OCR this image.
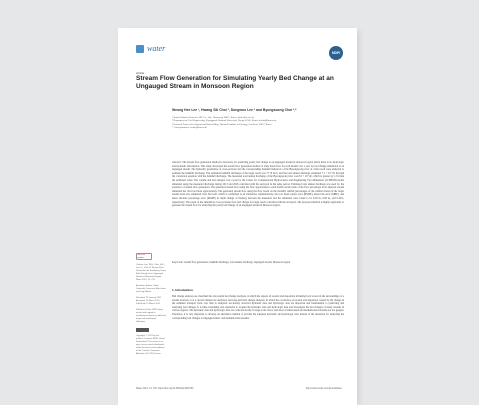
water	MDPI
Article
Stream Flow Generation for Simulating Yearly Bed Change at an Ungauged Stream in Monsoon Region
Weong Hee Lee ¹, Hwang Sik Choi ², Dongwoo Lee ³ and Byungsoong Choi ²,*
¹ Smart Pollution Team for AEF Co., Ltd., Hwaseong 18471, Korea; whlee@aef.co.kr
² Department of Civil Engineering, Kyungpook National University, Daegu 41566, Korea; hschoi@knu.ac.kr
³ Research Team on Ecological and Natural Map, National Institute of Ecology, Seocheon 33657, Korea
* Correspondence: bchoi@knu.ac.kr
Abstract: The stream flow generation method is necessary for predicting yearly bed change at an ungauged stream in monsoon region where there is no hydrologic and hydraulic information. This study developed the stream flow generation method of daily mean flow for each month over a year for bed change simulation at an ungauged stream. The hydraulic geometries of cross-sections and the corresponding bankfull indicators of the Byeongseong river of 4 km reach were analyzed to estimate the bankfull discharge. The estimated bankfull discharge of the target reach was 77.70 m³/s, and the total annual discharge estimated 7.1 × 10⁷ m³ through the correlation equation with the bankfull discharge. The measured total annual discharge of the Byeongseong river was 8.0 × 10⁷ m³, which is greater by 11% than the estimated value. The volume and bed changes over a year by the Center for Computational Hydroscience and Engineering Two-Dimension (CCHE2D) model simulated using the measured discharge during 2013 and 2016 coincided with the surveyed in the same period. Estimated total annual discharge was used for the scenarios of stream flow generation. The generated stream flow using the flow apportioned to each month on the basis of the flow percentage in an adjacent stream simulated the river bed most appropriately. The generated stream flow using the flow based on the monthly rainfall percentages of the rainfall station in the target stream basin also simulated river bed well, which is confirmed as an alternative. Quantitatively, the root mean square error (RMSE), mean bias error (MBE), and mean absolute percentage error (MAPE) in depth change of thalweg between the measured and the simulated were found to be 0.28 m, 0.08 m, and 0.44%, respectively. The result of the simulation cross-sectional river bed change for target reach coincided with the surveyed. The proposed method is highly applicable to generate the stream flow for analyzing the yearly bed change of an ungauged stream in Monsoon region.
Keywords: stream flow generation; bankfull discharge; total annual discharge; ungauged stream; Monsoon region
check for updates

Citation: Lee, W.H.; Choi, H.S.; Lee, D.; Choi, B. Stream Flow Generation for Simulating Yearly Bed Change at an Ungauged Stream in Monsoon Region. Water 2021, 13, 792.

Academic Editors: Sohei Yamazaki, Francisco Macchione and Luigi Natale

Received: 22 January 2021 Accepted: 10 March 2021 Published: 15 March 2021

Publisher's Note: MDPI stays neutral with regard to jurisdictional claims in published maps and institutional affiliations.

Copyright: © 2021 by the authors. Licensee MDPI, Basel, Switzerland. This article is an open access article distributed under the terms and conditions of the Creative Commons Attribution (CC BY) license.

1. Introduction
Bed change analyses are classified into short-term bed change analyses, in which the aspects of erosion and deposition including local scours in the surroundings of a stream structure or at a curved channel are analyzed, and long-term bed change analyses, in which the occurrence of erosion and deposition caused by the change in the sediment transport from over time is analyzed. Accurately observed hydraulic data and hydrologic data are important and fundamental to predicting and analyzing bed changes. It is time-consuming and expensive to acquire the hydraulic data and hydrologic data and investigate the bed changes of many streams in various regions. The hydraulic data and hydrologic data are collected mostly in large-scale rivers, and most of small-sized and medium-sized streams are not gauged. Therefore, it is very important to develop an alternative method to provide the adequate hydraulic and hydrologic data instead of the measured for analyzing the corresponding bed changes at ungauged small- and medium-sized streams.
Water 2021, 13, 792. https://doi.org/10.3390/w13060792	https://www.mdpi.com/journal/water
